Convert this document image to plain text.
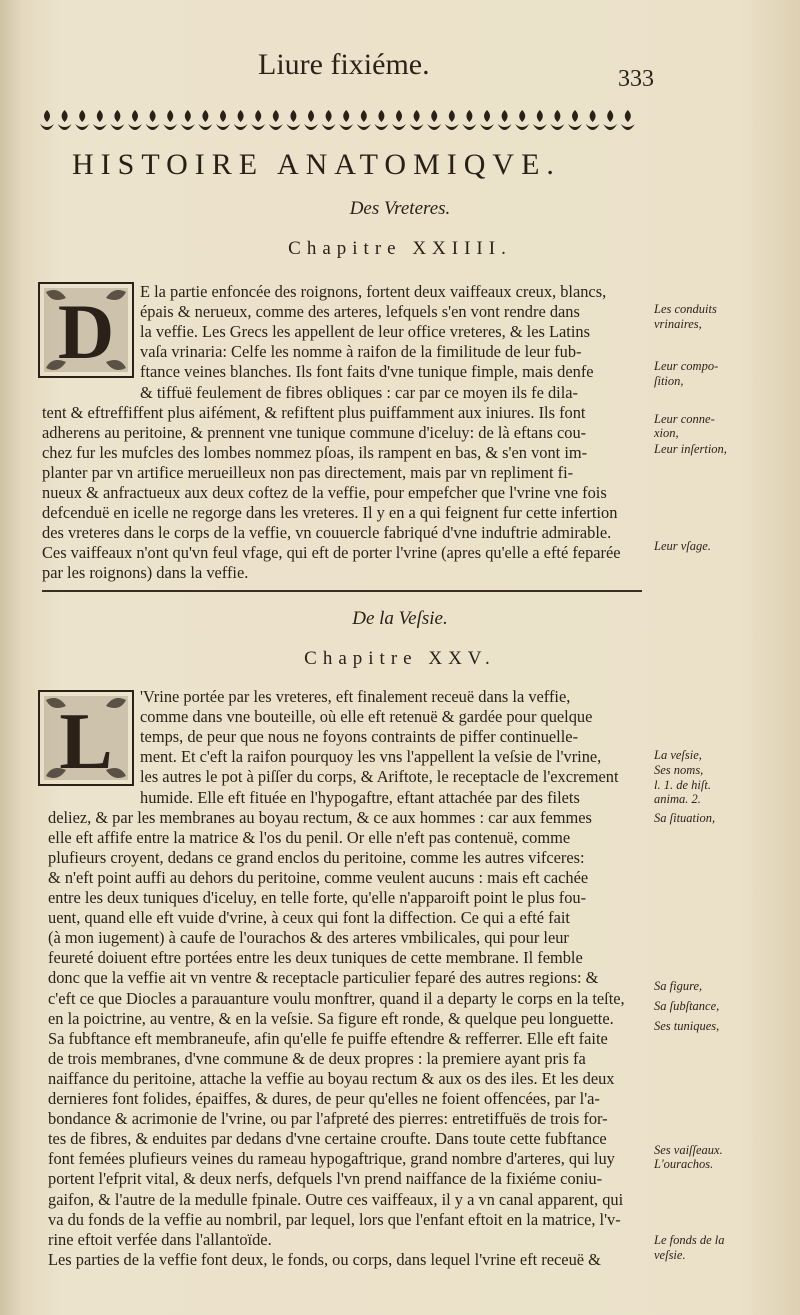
Liure fixiéme.	333
HISTOIRE ANATOMIQVE.
Des Vreteres.
Chapitre XXIIII.
D E la partie enfoncée des roignons, fortent deux vaiffeaux creux, blancs,
épais & nerueux, comme des arteres, lefquels s'en vont rendre dans
la veffie. Les Grecs les appellent de leur office vreteres, & les Latins
vaſa vrinaria: Celfe les nomme à raifon de la fimilitude de leur fub-
ftance veines blanches. Ils font faits d'vne tunique fimple, mais denfe
& tiffuë feulement de fibres obliques : car par ce moyen ils fe dila-
tent & eftreffiffent plus aifément, & refiftent plus puiffamment aux iniures. Ils font
adherens au peritoine, & prennent vne tunique commune d'iceluy: de là eftans cou-
chez fur les mufcles des lombes nommez pſoas, ils rampent en bas, & s'en vont im-
planter par vn artifice merueilleux non pas directement, mais par vn repliment fi-
nueux & anfractueux aux deux coftez de la veffie, pour empefcher que l'vrine vne fois
defcenduë en icelle ne regorge dans les vreteres. Il y en a qui feignent fur cette infertion
des vreteres dans le corps de la veffie, vn couuercle fabriqué d'vne induftrie admirable.
Ces vaiffeaux n'ont qu'vn feul vfage, qui eft de porter l'vrine (apres qu'elle a efté feparée
par les roignons) dans la veffie.
Les conduits
vrinaires,
Leur compo-
ſition,
Leur conne-
xion,
Leur inſertion,
Leur vſage.
De la Veſsie.
Chapitre XXV.
L
'Vrine portée par les vreteres, eft finalement receuë dans la veffie,
comme dans vne bouteille, où elle eft retenuë & gardée pour quelque
temps, de peur que nous ne foyons contraints de piffer continuelle-
ment. Et c'eft la raifon pourquoy les vns l'appellent la veſsie de l'vrine,
les autres le pot à piſſer du corps, & Ariftote, le receptacle de l'excrement
humide. Elle eft fituée en l'hypogaftre, eftant attachée par des filets
deliez, & par les membranes au boyau rectum, & ce aux hommes : car aux femmes
elle eft affife entre la matrice & l'os du penil. Or elle n'eft pas contenuë, comme
plufieurs croyent, dedans ce grand enclos du peritoine, comme les autres vifceres:
& n'eft point auffi au dehors du peritoine, comme veulent aucuns : mais eft cachée
entre les deux tuniques d'iceluy, en telle forte, qu'elle n'apparoift point le plus fou-
uent, quand elle eft vuide d'vrine, à ceux qui font la diffection. Ce qui a efté fait
(à mon iugement) à caufe de l'ourachos & des arteres vmbilicales, qui pour leur
feureté doiuent eftre portées entre les deux tuniques de cette membrane. Il femble
donc que la veffie ait vn ventre & receptacle particulier feparé des autres regions: &
c'eft ce que Diocles a parauanture voulu monftrer, quand il a departy le corps en la teſte,
en la poictrine, au ventre, & en la veſsie. Sa figure eft ronde, & quelque peu longuette.
Sa fubftance eft membraneufe, afin qu'elle fe puiffe eftendre & refferrer. Elle eft faite
de trois membranes, d'vne commune & de deux propres : la premiere ayant pris fa
naiffance du peritoine, attache la veffie au boyau rectum & aux os des iles. Et les deux
dernieres font folides, épaiffes, & dures, de peur qu'elles ne foient offencées, par l'a-
bondance & acrimonie de l'vrine, ou par l'afpreté des pierres: entretiffuës de trois for-
tes de fibres, & enduites par dedans d'vne certaine croufte. Dans toute cette fubftance
font femées plufieurs veines du rameau hypogaftrique, grand nombre d'arteres, qui luy
portent l'efprit vital, & deux nerfs, defquels l'vn prend naiffance de la fixiéme coniu-
gaifon, & l'autre de la medulle fpinale. Outre ces vaiffeaux, il y a vn canal apparent, qui
va du fonds de la veffie au nombril, par lequel, lors que l'enfant eftoit en la matrice, l'v-
rine eftoit verfée dans l'allantoïde.
Les parties de la veffie font deux, le fonds, ou corps, dans lequel l'vrine eft receuë &
La veſsie,
Ses noms,
l. 1. de hiſt.
anima. 2.
Sa ſituation,
Sa figure,
Sa ſubſtance,
Ses tuniques,
Ses vaiſſeaux.
L'ourachos.
Le fonds de la
veſsie.
